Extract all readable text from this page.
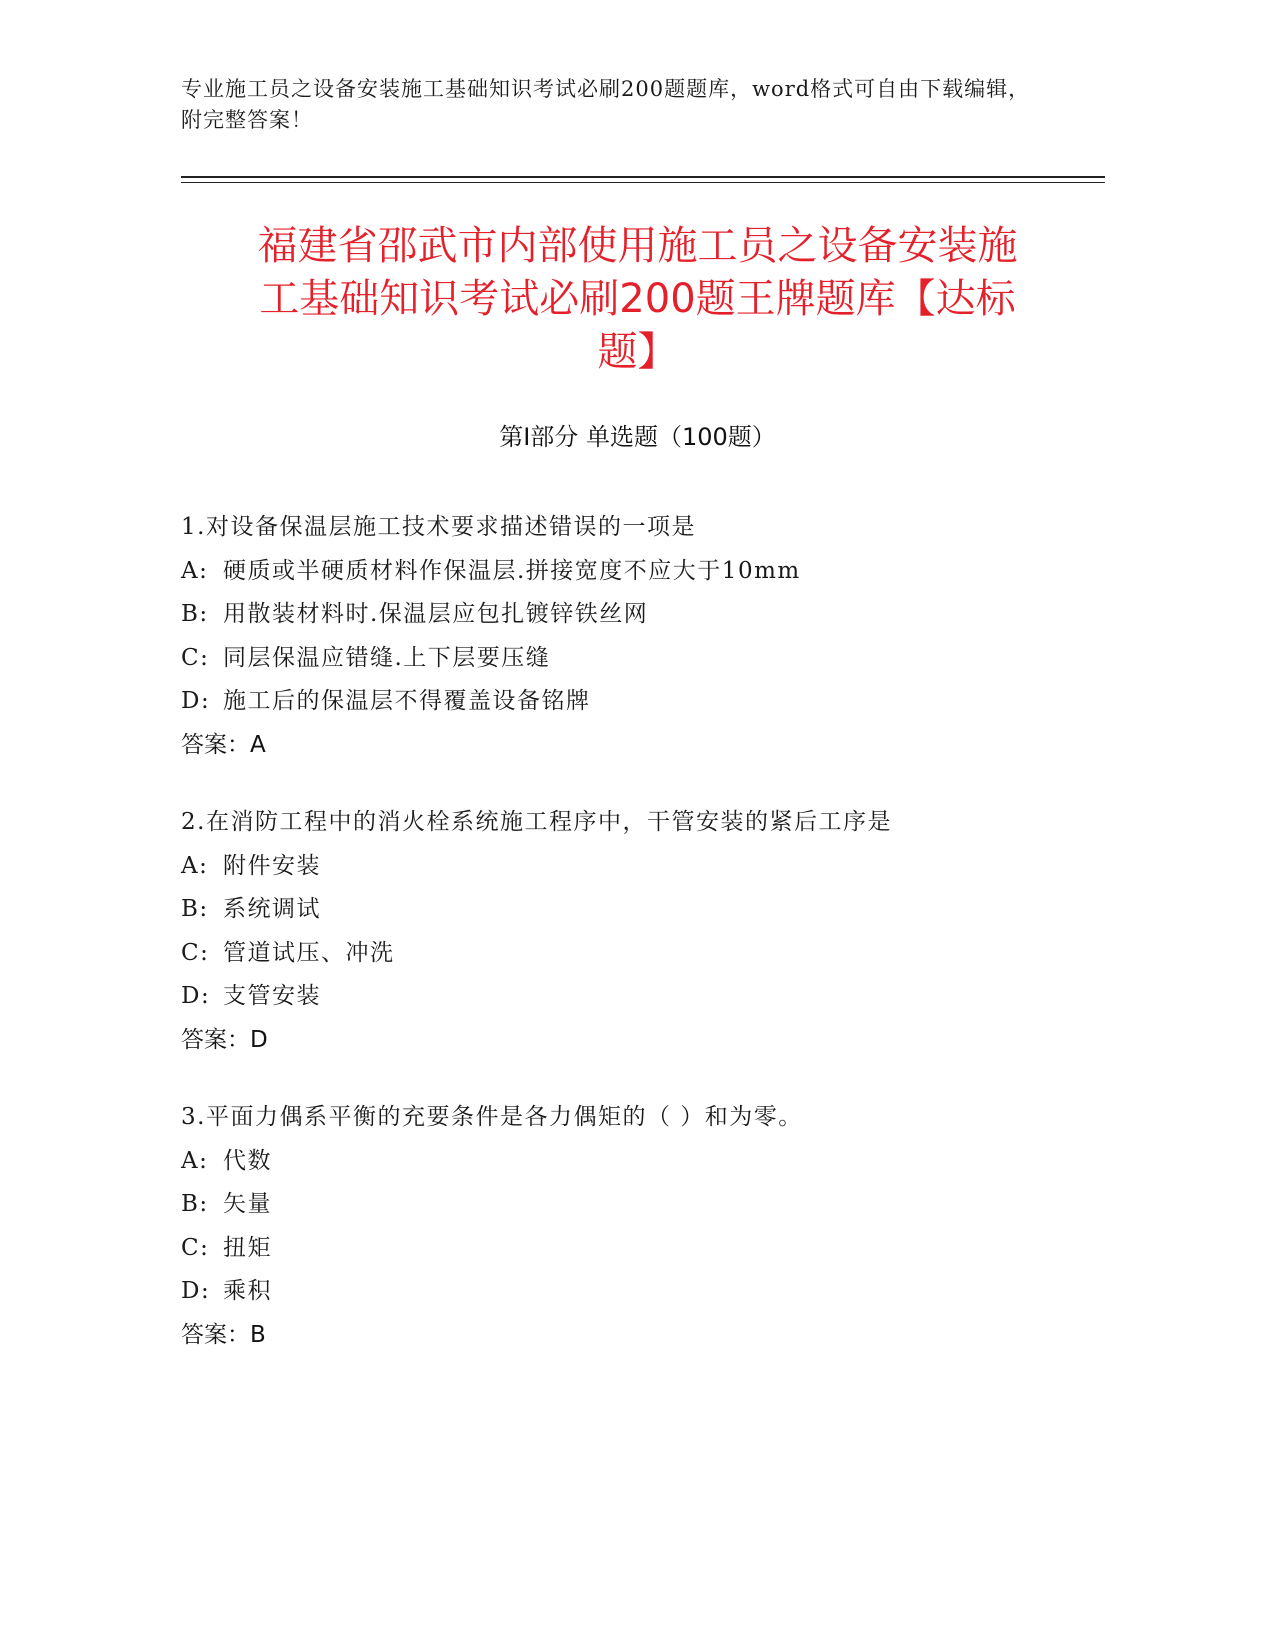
专业施工员之设备安装施工基础知识考试必刷200题题库，word格式可自由下载编辑，附完整答案！
福建省邵武市内部使用施工员之设备安装施
工基础知识考试必刷200题王牌题库【达标
题】
第I部分 单选题（100题）
1.对设备保温层施工技术要求描述错误的一项是
A: 硬质或半硬质材料作保温层.拼接宽度不应大于10mm
B: 用散装材料时.保温层应包扎镀锌铁丝网
C: 同层保温应错缝.上下层要压缝
D: 施工后的保温层不得覆盖设备铭牌
答案：A
2.在消防工程中的消火栓系统施工程序中，干管安装的紧后工序是
A: 附件安装
B: 系统调试
C: 管道试压、冲洗
D: 支管安装
答案：D
3.平面力偶系平衡的充要条件是各力偶矩的（ ）和为零。
A: 代数
B: 矢量
C: 扭矩
D: 乘积
答案：B
